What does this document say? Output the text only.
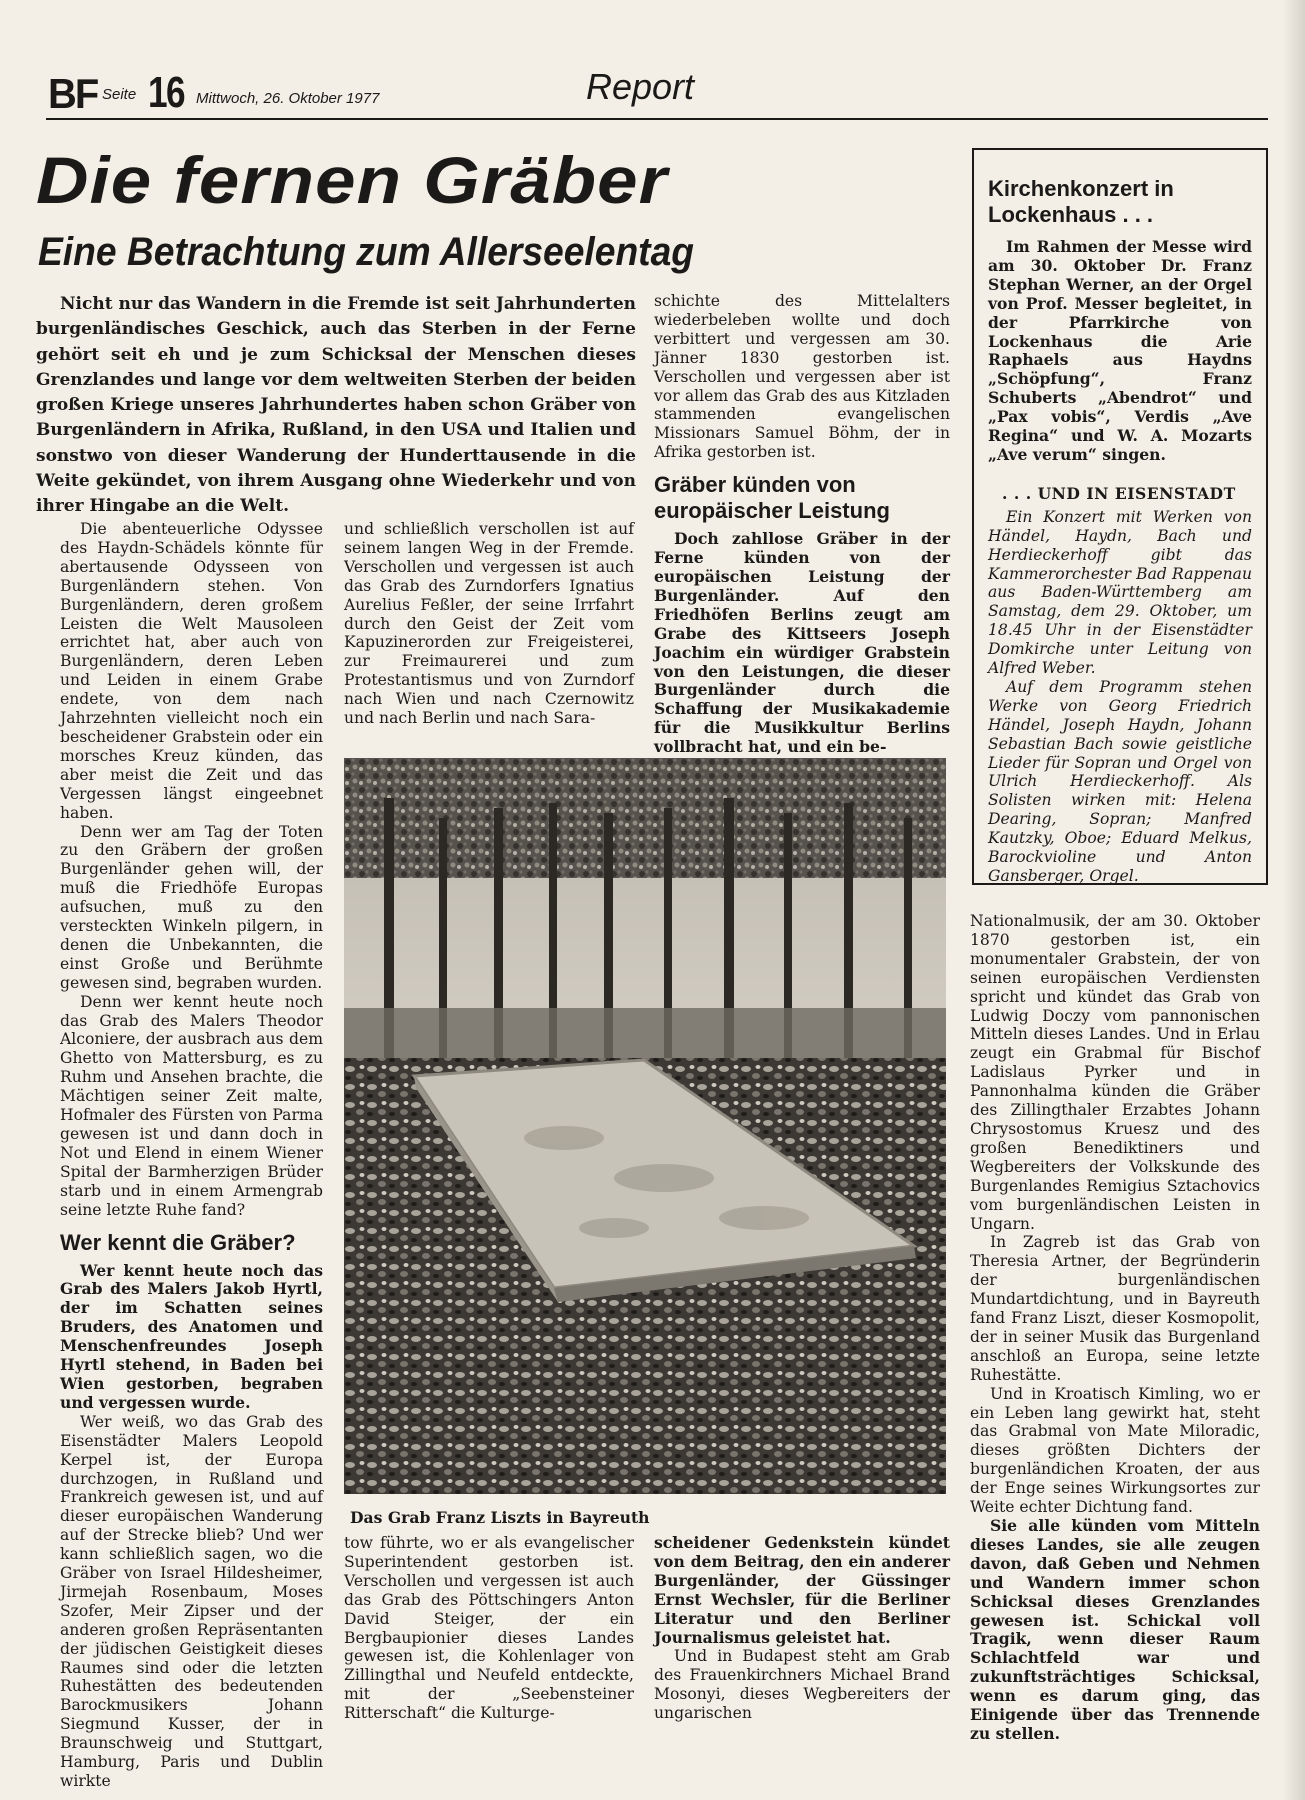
BF Seite 16 Mittwoch, 26. Oktober 1977	Report
Die fernen Gräber
Eine Betrachtung zum Allerseelentag
Nicht nur das Wandern in die Fremde ist seit Jahrhunderten burgenländisches Geschick, auch das Sterben in der Ferne gehört seit eh und je zum Schicksal der Menschen dieses Grenzlandes und lange vor dem weltweiten Sterben der beiden großen Kriege unseres Jahrhundertes haben schon Gräber von Burgenländern in Afrika, Rußland, in den USA und Italien und sonstwo von dieser Wanderung der Hunderttausende in die Weite gekündet, von ihrem Ausgang ohne Wiederkehr und von ihrer Hingabe an die Welt.

Die abenteuerliche Odyssee des Haydn-Schädels könnte für abertausende Odysseen von Burgenländern stehen. Von Burgenländern, deren großem Leisten die Welt Mausoleen errichtet hat, aber auch von Burgenländern, deren Leben und Leiden in einem Grabe endete, von dem nach Jahrzehnten vielleicht noch ein bescheidener Grabstein oder ein morsches Kreuz künden, das aber meist die Zeit und das Vergessen längst eingeebnet haben.

Denn wer am Tag der Toten zu den Gräbern der großen Burgenländer gehen will, der muß die Friedhöfe Europas aufsuchen, muß zu den versteckten Winkeln pilgern, in denen die Unbekannten, die einst Große und Berühmte gewesen sind, begraben wurden.

Denn wer kennt heute noch das Grab des Malers Theodor Alconiere, der ausbrach aus dem Ghetto von Mattersburg, es zu Ruhm und Ansehen brachte, die Mächtigen seiner Zeit malte, Hofmaler des Fürsten von Parma gewesen ist und dann doch in Not und Elend in einem Wiener Spital der Barmherzigen Brüder starb und in einem Armengrab seine letzte Ruhe fand?

Wer kennt die Gräber?

Wer kennt heute noch das Grab des Malers Jakob Hyrtl, der im Schatten seines Bruders, des Anatomen und Menschenfreundes Joseph Hyrtl stehend, in Baden bei Wien gestorben, begraben und vergessen wurde.

Wer weiß, wo das Grab des Eisenstädter Malers Leopold Kerpel ist, der Europa durchzogen, in Rußland und Frankreich gewesen ist, und auf dieser europäischen Wanderung auf der Strecke blieb? Und wer kann schließlich sagen, wo die Gräber von Israel Hildesheimer, Jirmejah Rosenbaum, Moses Szofer, Meir Zipser und der anderen großen Repräsentanten der jüdischen Geistigkeit dieses Raumes sind oder die letzten Ruhestätten des bedeutenden Barockmusikers Johann Siegmund Kusser, der in Braunschweig und Stuttgart, Hamburg, Paris und Dublin wirkte

und schließlich verschollen ist auf seinem langen Weg in der Fremde. Verschollen und vergessen ist auch das Grab des Zurndorfers Ignatius Aurelius Feßler, der seine Irrfahrt durch den Geist der Zeit vom Kapuzinerorden zur Freigeisterei, zur Freimaurerei und zum Protestantismus und von Zurndorf nach Wien und nach Czernowitz und nach Berlin und nach Sara-

schichte des Mittelalters wiederbeleben wollte und doch verbittert und vergessen am 30. Jänner 1830 gestorben ist. Verschollen und vergessen aber ist vor allem das Grab des aus Kitzladen stammenden evangelischen Missionars Samuel Böhm, der in Afrika gestorben ist.

Gräber künden von europäischer Leistung

Doch zahllose Gräber in der Ferne künden von der europäischen Leistung der Burgenländer. Auf den Friedhöfen Berlins zeugt am Grabe des Kittseers Joseph Joachim ein würdiger Grabstein von den Leistungen, die dieser Burgenländer durch die Schaffung der Musikakademie für die Musikkultur Berlins vollbracht hat, und ein be-

Kirchenkonzert in Lockenhaus . . .

Im Rahmen der Messe wird am 30. Oktober Dr. Franz Stephan Werner, an der Orgel von Prof. Messer begleitet, in der Pfarrkirche von Lockenhaus die Arie Raphaels aus Haydns „Schöpfung“, Franz Schuberts „Abendrot“ und „Pax vobis“, Verdis „Ave Regina“ und W. A. Mozarts „Ave verum“ singen.

. . . UND IN EISENSTADT

Ein Konzert mit Werken von Händel, Haydn, Bach und Herdieckerhoff gibt das Kammerorchester Bad Rappenau aus Baden-Württemberg am Samstag, dem 29. Oktober, um 18.45 Uhr in der Eisenstädter Domkirche unter Leitung von Alfred Weber.

Auf dem Programm stehen Werke von Georg Friedrich Händel, Joseph Haydn, Johann Sebastian Bach sowie geistliche Lieder für Sopran und Orgel von Ulrich Herdieckerhoff. Als Solisten wirken mit: Helena Dearing, Sopran; Manfred Kautzky, Oboe; Eduard Melkus, Barockvioline und Anton Gansberger, Orgel.

Das Grab Franz Liszts in Bayreuth

tow führte, wo er als evangelischer Superintendent gestorben ist. Verschollen und vergessen ist auch das Grab des Pöttschingers Anton David Steiger, der ein Bergbaupionier dieses Landes gewesen ist, die Kohlenlager von Zillingthal und Neufeld entdeckte, mit der „Seebensteiner Ritterschaft“ die Kulturge-

scheidener Gedenkstein kündet von dem Beitrag, den ein anderer Burgenländer, der Güssinger Ernst Wechsler, für die Berliner Literatur und den Berliner Journalismus geleistet hat.

Und in Budapest steht am Grab des Frauenkirchners Michael Brand Mosonyi, dieses Wegbereiters der ungarischen

Nationalmusik, der am 30. Oktober 1870 gestorben ist, ein monumentaler Grabstein, der von seinen europäischen Verdiensten spricht und kündet das Grab von Ludwig Doczy vom pannonischen Mitteln dieses Landes. Und in Erlau zeugt ein Grabmal für Bischof Ladislaus Pyrker und in Pannonhalma künden die Gräber des Zillingthaler Erzabtes Johann Chrysostomus Kruesz und des großen Benediktiners und Wegbereiters der Volkskunde des Burgenlandes Remigius Sztachovics vom burgenländischen Leisten in Ungarn.

In Zagreb ist das Grab von Theresia Artner, der Begründerin der burgenländischen Mundartdichtung, und in Bayreuth fand Franz Liszt, dieser Kosmopolit, der in seiner Musik das Burgenland anschloß an Europa, seine letzte Ruhestätte.

Und in Kroatisch Kimling, wo er ein Leben lang gewirkt hat, steht das Grabmal von Mate Miloradic, dieses größten Dichters der burgenländichen Kroaten, der aus der Enge seines Wirkungsortes zur Weite echter Dichtung fand.

Sie alle künden vom Mitteln dieses Landes, sie alle zeugen davon, daß Geben und Nehmen und Wandern immer schon Schicksal dieses Grenzlandes gewesen ist. Schickal voll Tragik, wenn dieser Raum Schlachtfeld war und zukunftsträchtiges Schicksal, wenn es darum ging, das Einigende über das Trennende zu stellen.
